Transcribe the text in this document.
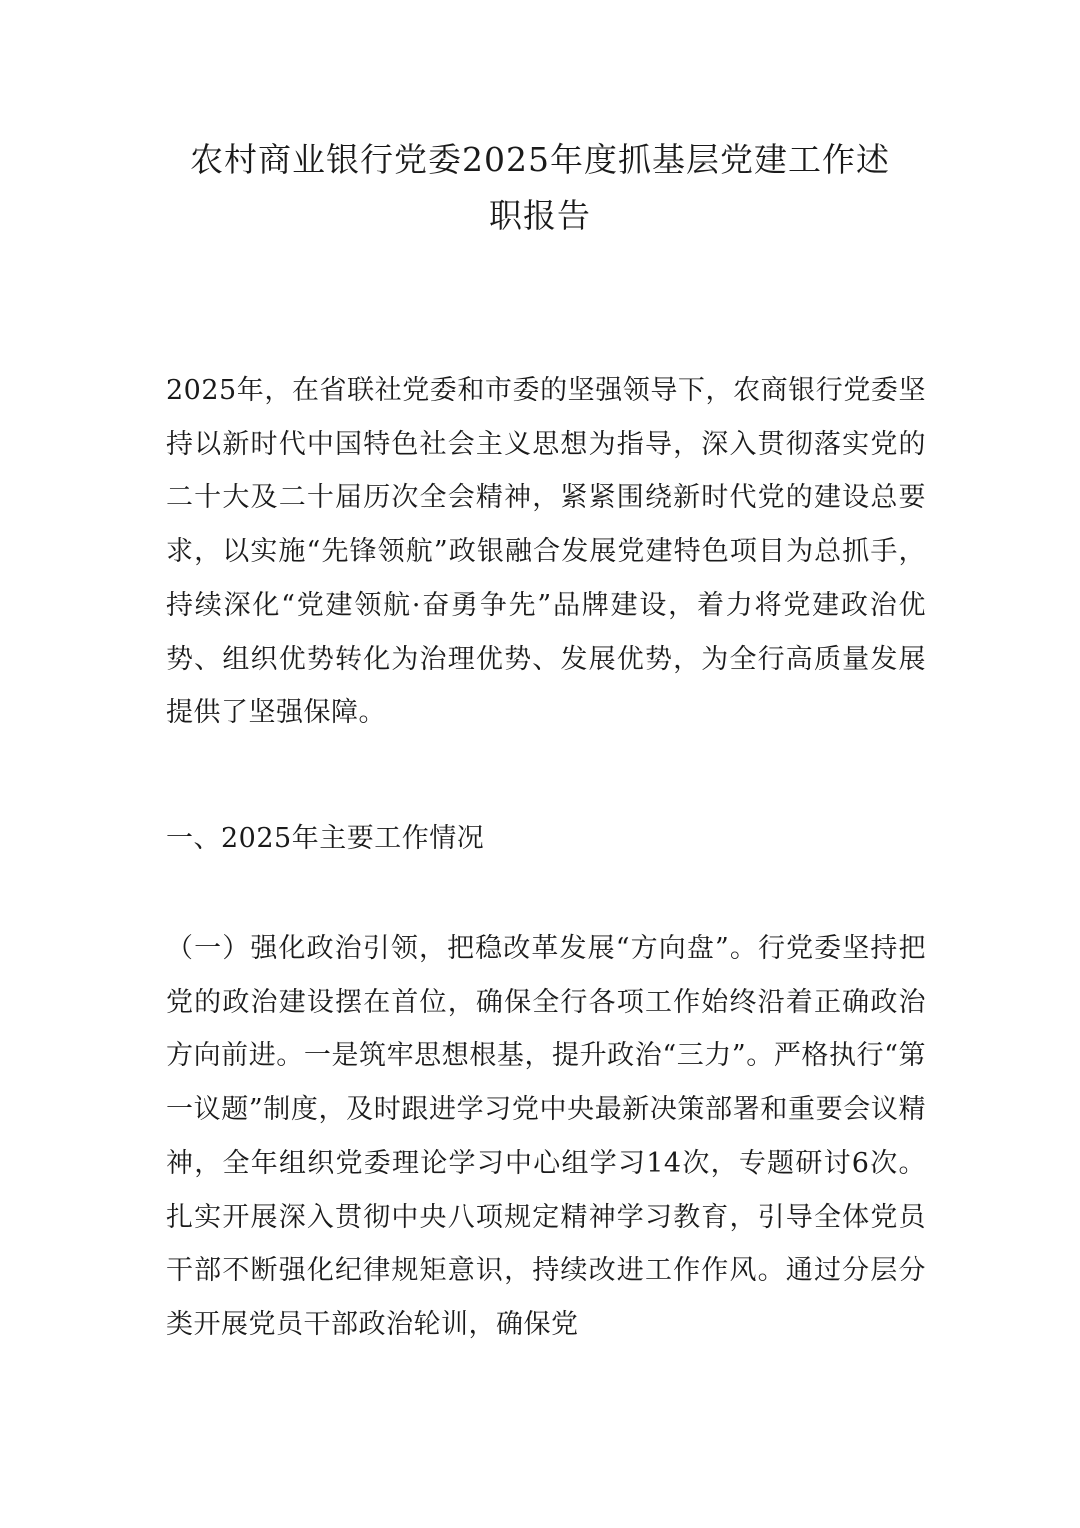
农村商业银行党委2025年度抓基层党建工作述
职报告

2025年，在省联社党委和市委的坚强领导下，农商银行党委坚持以新时代中国特色社会主义思想为指导，深入贯彻落实党的二十大及二十届历次全会精神，紧紧围绕新时代党的建设总要求，以实施“先锋领航”政银融合发展党建特色项目为总抓手，持续深化“党建领航·奋勇争先”品牌建设，着力将党建政治优势、组织优势转化为治理优势、发展优势，为全行高质量发展提供了坚强保障。

一、2025年主要工作情况

（一）强化政治引领，把稳改革发展“方向盘”。行党委坚持把党的政治建设摆在首位，确保全行各项工作始终沿着正确政治方向前进。一是筑牢思想根基，提升政治“三力”。严格执行“第一议题”制度，及时跟进学习党中央最新决策部署和重要会议精神，全年组织党委理论学习中心组学习14次，专题研讨6次。扎实开展深入贯彻中央八项规定精神学习教育，引导全体党员干部不断强化纪律规矩意识，持续改进工作作风。通过分层分类开展党员干部政治轮训，确保党
